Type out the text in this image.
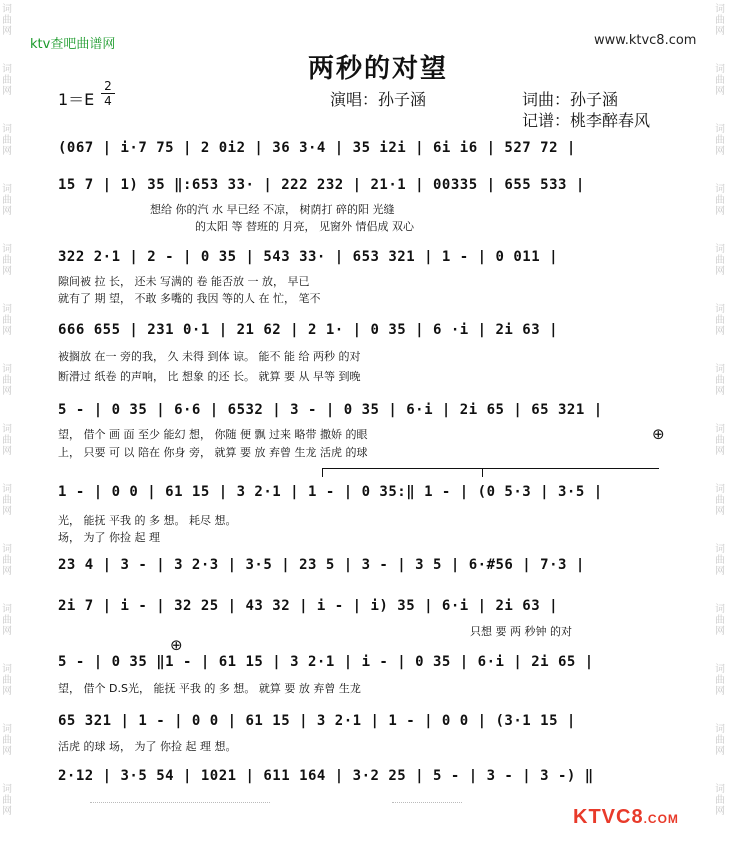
词
曲
网

词
曲
网

词
曲
网

词
曲
网

词
曲
网

词
曲
网

词
曲
网

词
曲
网

词
曲
网

词
曲
网

词
曲
网

词
曲
网

词
曲
网

词
曲
网

词
曲
网

词
曲
网

词
曲
网

词
曲
网

词
曲
网

词
曲
网

词
曲
网

词
曲
网

词
曲
网

词
曲
网

词
曲
网

词
曲
网

词
曲
网

词
曲
网

ktv查吧曲谱网	www.ktvc8.com
两秒的对望
1＝E
2
4	演唱：孙子涵	词曲：孙子涵
记谱：桃李醉春风
(067 | i·7 75 | 2 0i2 | 36 3·4 | 35 i2i | 6i i6 | 527 72 |
15 7 | 1) 35 ‖:653 33· | 222 232 | 21·1 | 00335 | 655 533 |
想给 你的汽 水 早已经 不凉， 树荫打 碎的阳 光缝
的太阳 等 替班的 月亮， 见窗外 情侣成 双心
322 2·1 | 2 - | 0 35 | 543 33· | 653 321 | 1 - | 0 011 |
隙间被 拉 长， 还未 写满的 卷 能否放 一 放， 早已
就有了 期 望， 不敢 多嘴的 我因 等的人 在 忙， 笔不
666 655 | 231 0·1 | 21 62 | 2 1· | 0 35 | 6 ·i | 2i 63 |
被搁放 在一 旁的我， 久 未得 到体 谅。 能不 能 给 两秒 的对
断滑过 纸卷 的声响， 比 想象 的还 长。 就算 要 从 早等 到晚
5 - | 0 35 | 6·6 | 6532 | 3 - | 0 35 | 6·i | 2i 65 | 65 321 |
望， 借个 画 面 至少 能幻 想， 你随 便 飘 过来 略带 撒娇 的眼
上， 只要 可 以 陪在 你身 旁， 就算 要 放 弃曾 生龙 活虎 的球
⊕
1 - | 0 0 | 61 15 | 3 2·1 | 1 - | 0 35:‖ 1 - | (0 5·3 | 3·5 |
光， 能抚 平我 的 多 想。 耗尽 想。
场， 为了 你捡 起 理
23 4 | 3 - | 3 2·3 | 3·5 | 23 5 | 3 - | 3 5 | 6·#56 | 7·3 |
2i 7 | i - | 32 25 | 43 32 | i - | i) 35 | 6·i | 2i 63 |
只想 要 两 秒钟 的对
⊕
5 - | 0 35 ‖1 - | 61 15 | 3 2·1 | i - | 0 35 | 6·i | 2i 65 |
望， 借个 D.S光， 能抚 平我 的 多 想。 就算 要 放 弃曾 生龙
65 321 | 1 - | 0 0 | 61 15 | 3 2·1 | 1 - | 0 0 | (3·1 15 |
活虎 的球 场， 为了 你捡 起 理 想。
2·12 | 3·5 54 | 1021 | 611 164 | 3·2 25 | 5 - | 3 - | 3 -) ‖
KTVC8.COM
